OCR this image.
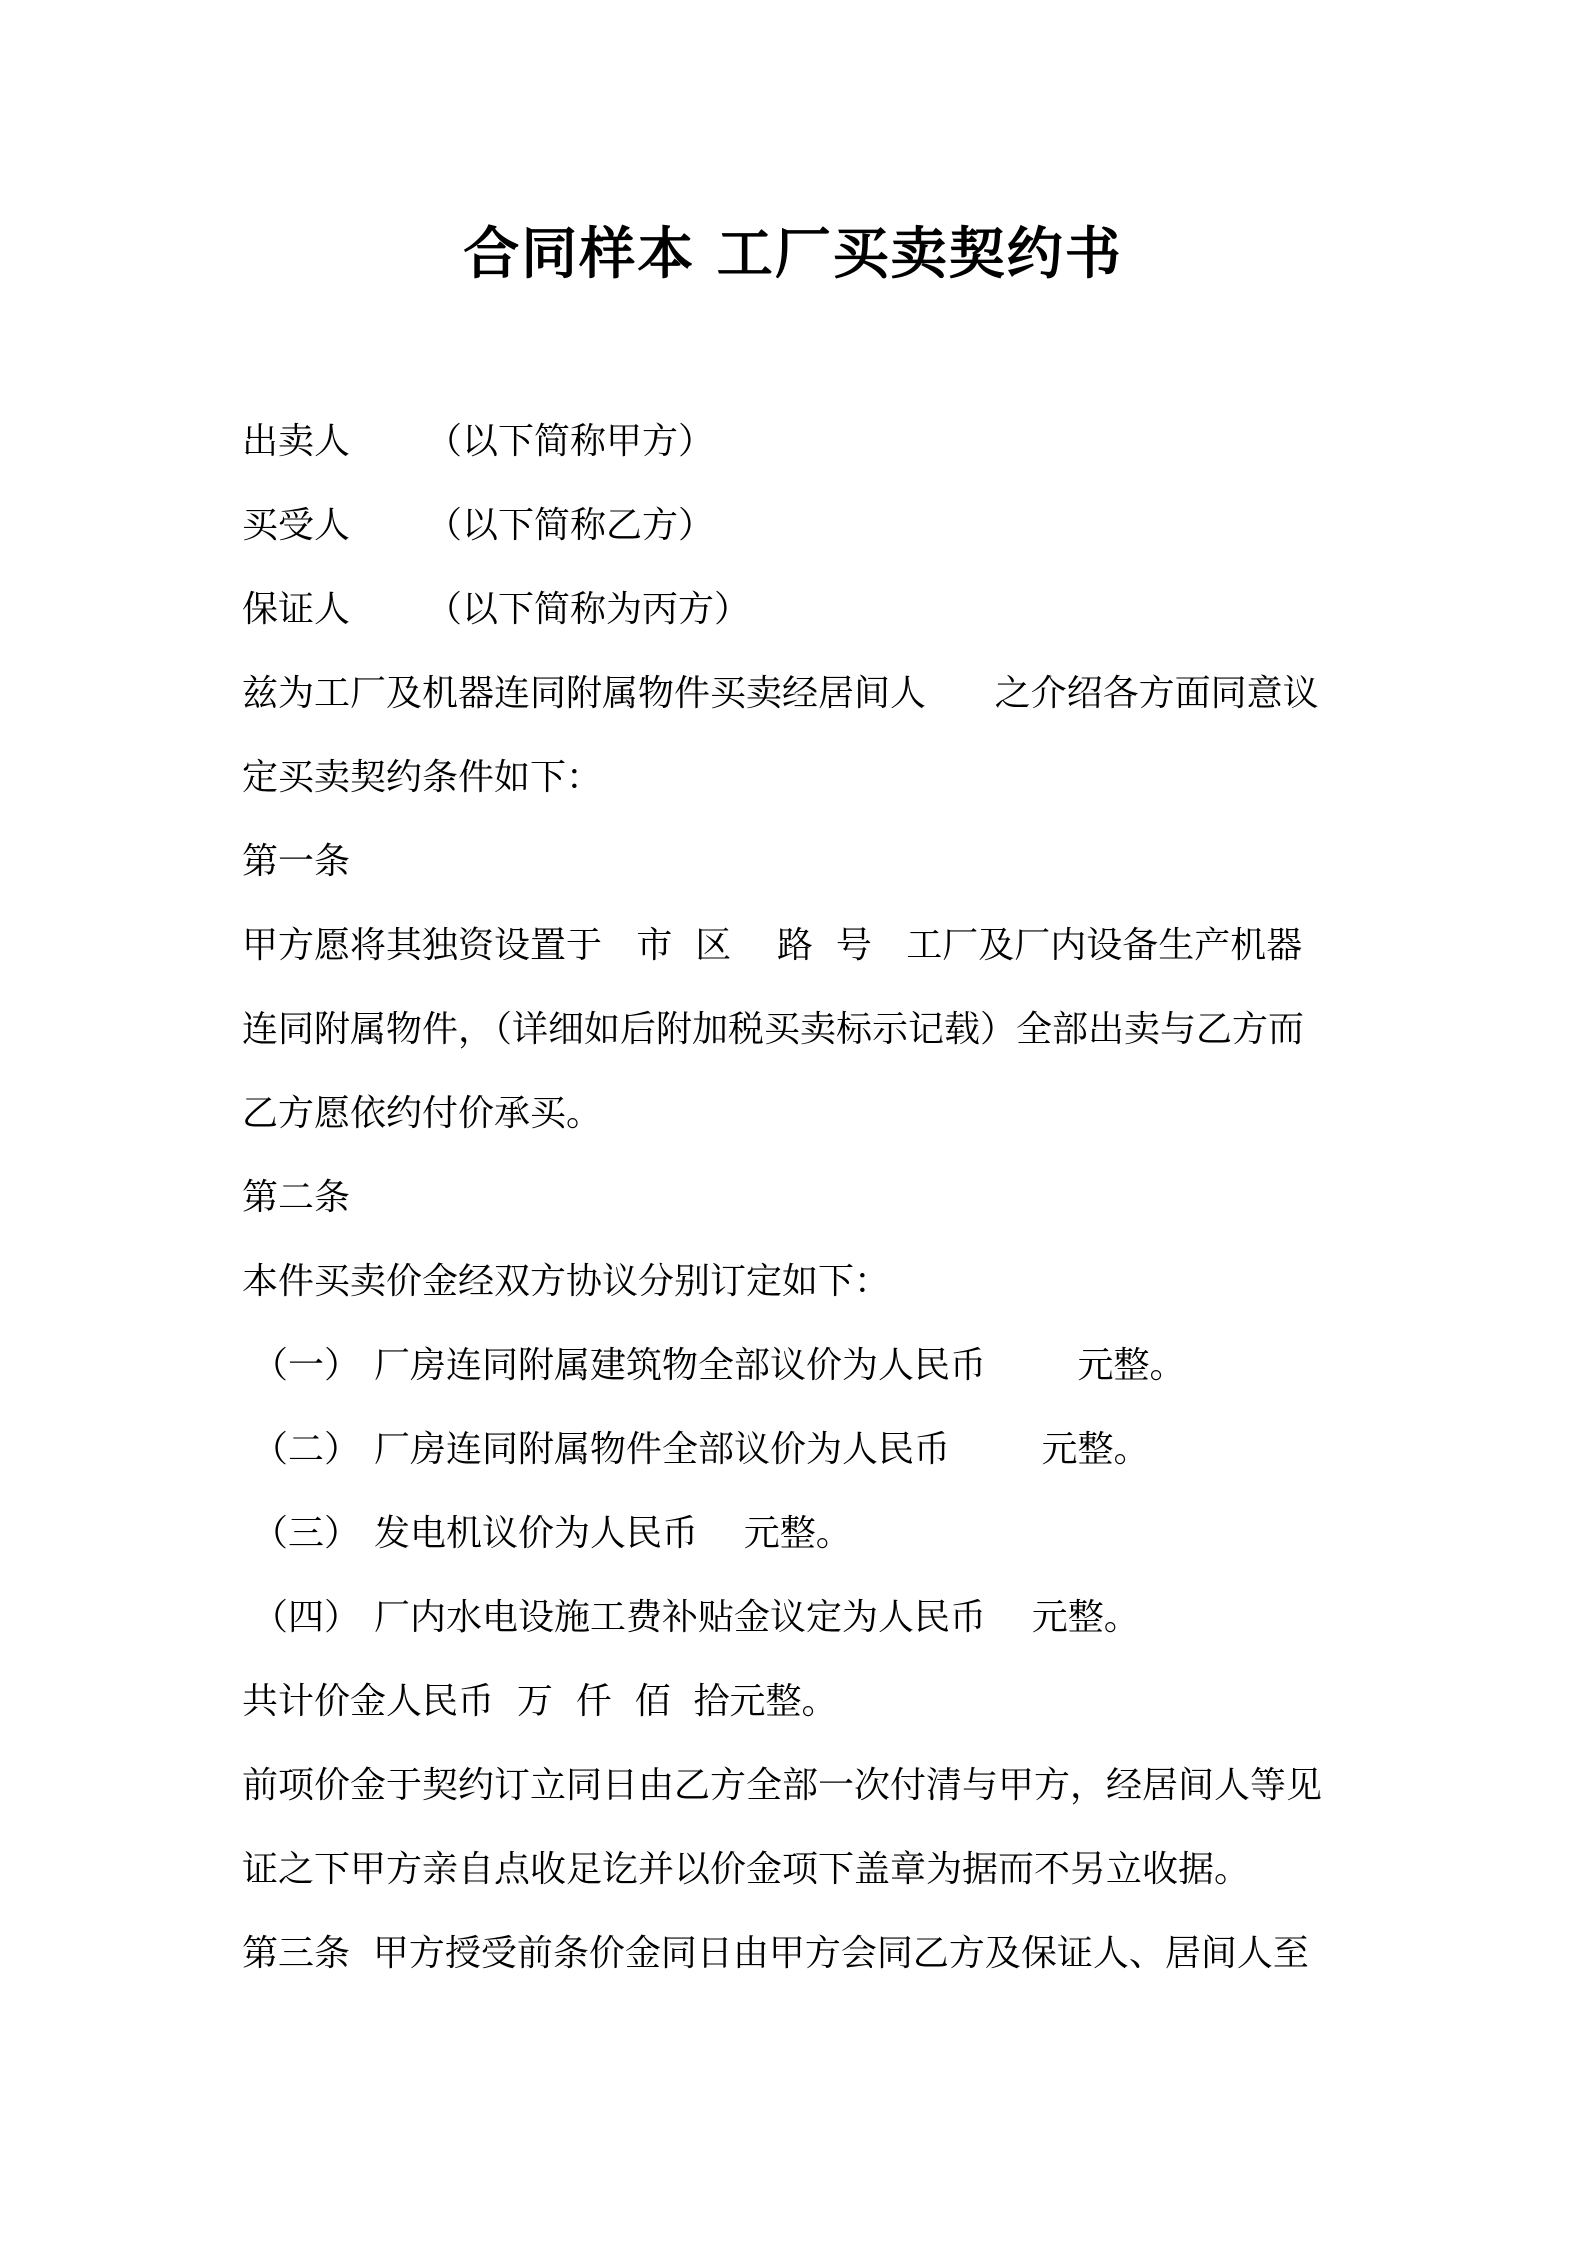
合同样本 工厂买卖契约书
出卖人 （以下简称甲方）
买受人 （以下简称乙方）
保证人 （以下简称为丙方）
兹为工厂及机器连同附属物件买卖经居间人      之介绍各方面同意议
定买卖契约条件如下：
第一条
甲方愿将其独资设置于   市  区    路  号   工厂及厂内设备生产机器
连同附属物件，（详细如后附加税买卖标示记载）全部出卖与乙方而
乙方愿依约付价承买。
第二条
本件买卖价金经双方协议分别订定如下：
（一） 厂房连同附属建筑物全部议价为人民币        元整。
（二） 厂房连同附属物件全部议价为人民币        元整。
（三） 发电机议价为人民币    元整。
（四） 厂内水电设施工费补贴金议定为人民币    元整。
共计价金人民币  万  仟  佰  拾元整。
前项价金于契约订立同日由乙方全部一次付清与甲方，经居间人等见
证之下甲方亲自点收足讫并以价金项下盖章为据而不另立收据。
第三条  甲方授受前条价金同日由甲方会同乙方及保证人、居间人至
